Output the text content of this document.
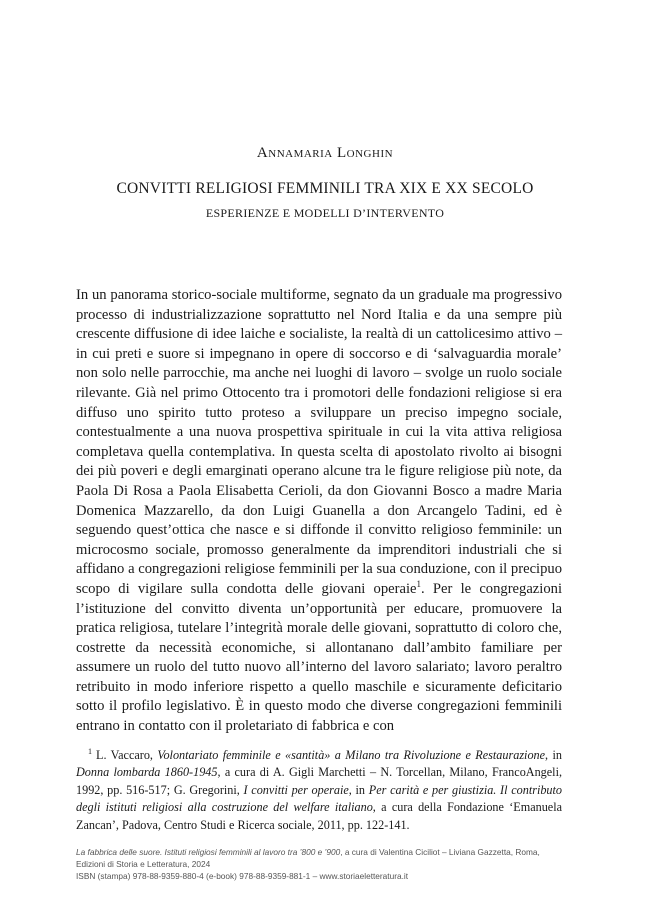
Annamaria Longhin
CONVITTI RELIGIOSI FEMMINILI TRA XIX E XX SECOLO
ESPERIENZE E MODELLI D’INTERVENTO
In un panorama storico-sociale multiforme, segnato da un graduale ma progressivo processo di industrializzazione soprattutto nel Nord Italia e da una sempre più crescente diffusione di idee laiche e socialiste, la realtà di un cattolicesimo attivo – in cui preti e suore si impegnano in opere di soccorso e di ‘salvaguardia morale’ non solo nelle parrocchie, ma anche nei luoghi di lavoro – svolge un ruolo sociale rilevante. Già nel primo Ottocento tra i promotori delle fondazioni religiose si era diffuso uno spirito tutto proteso a sviluppare un preciso impegno sociale, contestualmente a una nuova prospettiva spirituale in cui la vita attiva religiosa completava quella contemplativa. In questa scelta di apostolato rivolto ai bisogni dei più poveri e degli emarginati operano alcune tra le figure religiose più note, da Paola Di Rosa a Paola Elisabetta Cerioli, da don Giovanni Bosco a madre Maria Domenica Mazzarello, da don Luigi Guanella a don Arcangelo Tadini, ed è seguendo quest’ottica che nasce e si diffonde il convitto religioso femminile: un microcosmo sociale, promosso generalmente da imprenditori industriali che si affidano a congregazioni religiose femminili per la sua conduzione, con il precipuo scopo di vigilare sulla condotta delle giovani operaie$^1$. Per le congregazioni l’istituzione del convitto diventa un’opportunità per educare, promuovere la pratica religiosa, tutelare l’integrità morale delle giovani, soprattutto di coloro che, costrette da necessità economiche, si allontanano dall’ambito familiare per assumere un ruolo del tutto nuovo all’interno del lavoro salariato; lavoro peraltro retribuito in modo inferiore rispetto a quello maschile e sicuramente deficitario sotto il profilo legislativo. È in questo modo che diverse congregazioni femminili entrano in contatto con il proletariato di fabbrica e con
$^1$ L. Vaccaro, Volontariato femminile e «santità» a Milano tra Rivoluzione e Restaurazione, in Donna lombarda 1860-1945, a cura di A. Gigli Marchetti – N. Torcellan, Milano, FrancoAngeli, 1992, pp. 516-517; G. Gregorini, I convitti per operaie, in Per carità e per giustizia. Il contributo degli istituti religiosi alla costruzione del welfare italiano, a cura della Fondazione ‘Emanuela Zancan’, Padova, Centro Studi e Ricerca sociale, 2011, pp. 122-141.
La fabbrica delle suore. Istituti religiosi femminili al lavoro tra ’800 e ’900, a cura di Valentina Ciciliot – Liviana Gazzetta, Roma,
Edizioni di Storia e Letteratura, 2024
ISBN (stampa) 978-88-9359-880-4 (e-book) 978-88-9359-881-1 – www.storiaeletteratura.it
